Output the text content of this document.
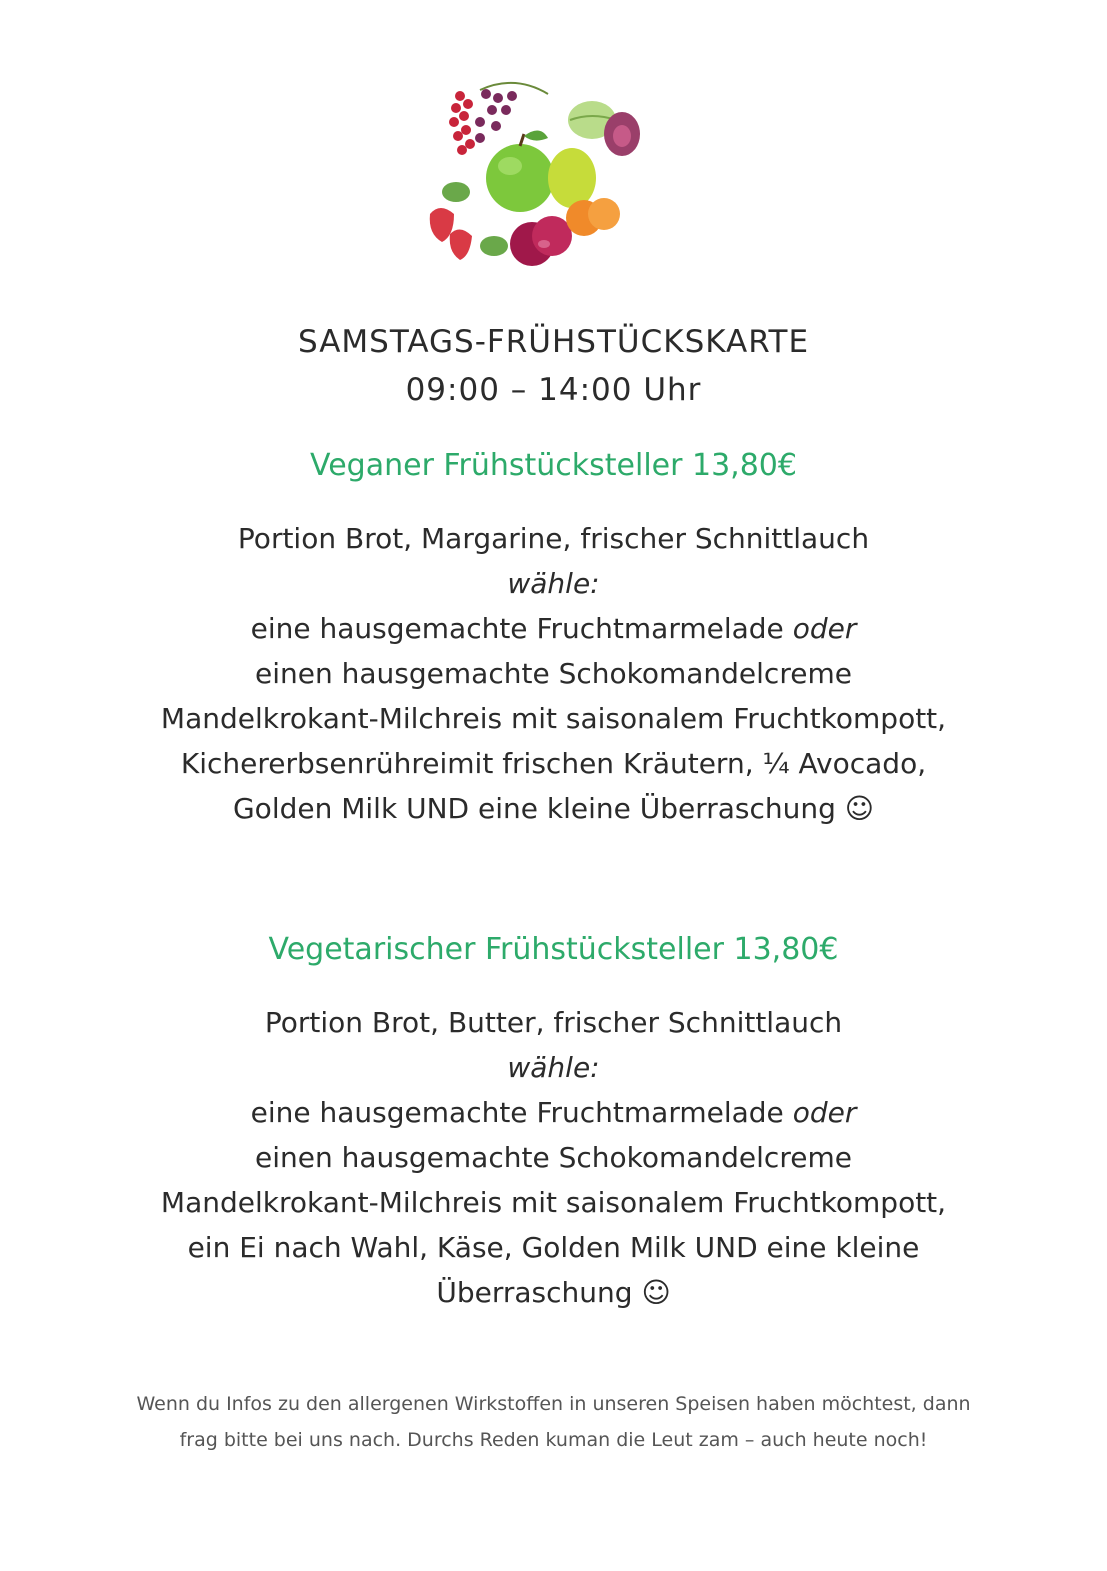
SAMSTAGS-FRÜHSTÜCKSKARTE
09:00 – 14:00 Uhr
Veganer Frühstücksteller 13,80€
Portion Brot, Margarine, frischer Schnittlauch
wähle:
eine hausgemachte Fruchtmarmelade oder
einen hausgemachte Schokomandelcreme
Mandelkrokant-Milchreis mit saisonalem Fruchtkompott,
Kichererbsenrühreimit frischen Kräutern, ¼ Avocado,
Golden Milk UND eine kleine Überraschung ☺
Vegetarischer Frühstücksteller 13,80€
Portion Brot, Butter, frischer Schnittlauch
wähle:
eine hausgemachte Fruchtmarmelade oder
einen hausgemachte Schokomandelcreme
Mandelkrokant-Milchreis mit saisonalem Fruchtkompott,
ein Ei nach Wahl, Käse, Golden Milk UND eine kleine
Überraschung ☺
Wenn du Infos zu den allergenen Wirkstoffen in unseren Speisen haben möchtest, dann
frag bitte bei uns nach. Durchs Reden kuman die Leut zam – auch heute noch!
